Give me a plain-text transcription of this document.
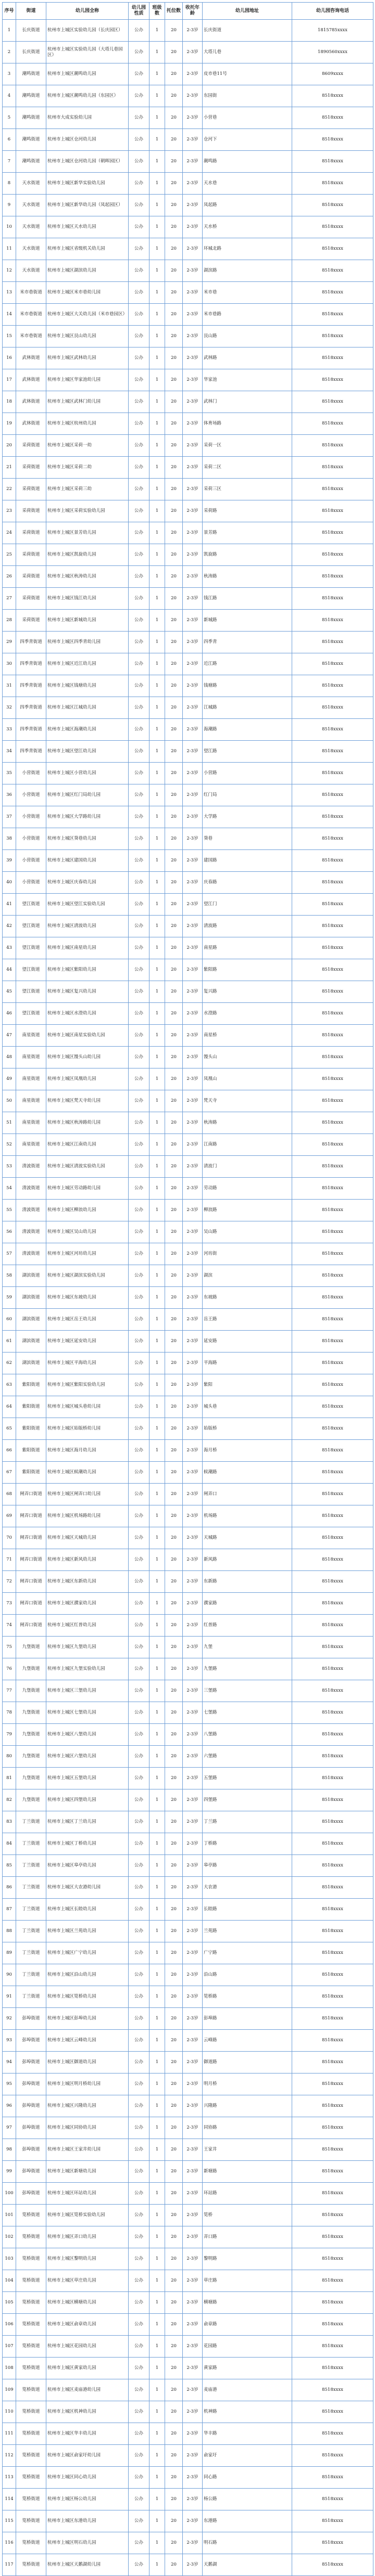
序号	街道	幼儿园全称	幼儿园性质	班级数	托位数	收托年龄	幼儿园地址	幼儿园咨询电话
1	长庆街道	杭州市上城区实验幼儿园（长庆园区）	公办	1	20	2-3岁	长庆街道	1815785xxxx
2	长庆街道	杭州市上城区实验幼儿园（大塔儿巷园区）	公办	1	20	2-3岁	大塔儿巷	1890560xxxx
3	潮鸣街道	杭州市上城区潮鸣幼儿园	公办	1	20	2-3岁	皮市巷11号	8609xxxx
4	潮鸣街道	杭州市上城区潮鸣幼儿园（东园区）	公办	1	20	2-3岁	东园街	8518xxxx
5	潮鸣街道	杭州市大成实验幼儿园	公办	1	20	2-3岁	小营巷	8518xxxx
6	潮鸣街道	杭州市上城区仓河幼儿园	公办	1	20	2-3岁	仓河下	8518xxxx
7	潮鸣街道	杭州市上城区仓河幼儿园（朝晖园区）	公办	1	20	2-3岁	潮鸣路	8518xxxx
8	天水街道	杭州市上城区新华实验幼儿园	公办	1	20	2-3岁	天水巷	8518xxxx
9	天水街道	杭州市上城区新华幼儿园（凤起园区）	公办	1	20	2-3岁	凤起路	8518xxxx
10	天水街道	杭州市上城区天水幼儿园	公办	1	20	2-3岁	天水桥	8518xxxx
11	天水街道	杭州市上城区省级机关幼儿园	公办	1	20	2-3岁	环城北路	8518xxxx
12	天水街道	杭州市上城区湖滨幼儿园	公办	1	20	2-3岁	湖滨路	8518xxxx
13	米市巷街道	杭州市上城区米市巷幼儿园	公办	1	20	2-3岁	米市巷	8518xxxx
14	米市巷街道	杭州市上城区大关幼儿园（米市巷园区）	公办	1	20	2-3岁	米市巷路	8518xxxx
15	米市巷街道	杭州市上城区艮山幼儿园	公办	1	20	2-3岁	艮山路	8518xxxx
16	武林街道	杭州市上城区武林幼儿园	公办	1	20	2-3岁	武林路	8518xxxx
17	武林街道	杭州市上城区华家池幼儿园	公办	1	20	2-3岁	华家池	8518xxxx
18	武林街道	杭州市上城区武林门幼儿园	公办	1	20	2-3岁	武林门	8518xxxx
19	武林街道	杭州市上城区杭州幼儿园	公办	1	20	2-3岁	体育场路	8518xxxx
20	采荷街道	杭州市上城区采荷一幼	公办	1	20	2-3岁	采荷一区	8518xxxx
21	采荷街道	杭州市上城区采荷二幼	公办	1	20	2-3岁	采荷二区	8518xxxx
22	采荷街道	杭州市上城区采荷三幼	公办	1	20	2-3岁	采荷三区	8518xxxx
23	采荷街道	杭州市上城区采荷实验幼儿园	公办	1	20	2-3岁	采荷路	8518xxxx
24	采荷街道	杭州市上城区景芳幼儿园	公办	1	20	2-3岁	景芳路	8518xxxx
25	采荷街道	杭州市上城区凯旋幼儿园	公办	1	20	2-3岁	凯旋路	8518xxxx
26	采荷街道	杭州市上城区秋涛幼儿园	公办	1	20	2-3岁	秋涛路	8518xxxx
27	采荷街道	杭州市上城区钱江幼儿园	公办	1	20	2-3岁	钱江路	8518xxxx
28	采荷街道	杭州市上城区新城幼儿园	公办	1	20	2-3岁	新城路	8518xxxx
29	四季青街道	杭州市上城区四季青幼儿园	公办	1	20	2-3岁	四季青	8518xxxx
30	四季青街道	杭州市上城区近江幼儿园	公办	1	20	2-3岁	近江路	8518xxxx
31	四季青街道	杭州市上城区钱塘幼儿园	公办	1	20	2-3岁	钱塘路	8518xxxx
32	四季青街道	杭州市上城区江城幼儿园	公办	1	20	2-3岁	江城路	8518xxxx
33	四季青街道	杭州市上城区海潮幼儿园	公办	1	20	2-3岁	海潮路	8518xxxx
34	四季青街道	杭州市上城区望江幼儿园	公办	1	20	2-3岁	望江路	8518xxxx
35	小营街道	杭州市上城区小营幼儿园	公办	1	20	2-3岁	小营路	8518xxxx
36	小营街道	杭州市上城区红门局幼儿园	公办	1	20	2-3岁	红门局	8518xxxx
37	小营街道	杭州市上城区大学路幼儿园	公办	1	20	2-3岁	大学路	8518xxxx
38	小营街道	杭州市上城区葵巷幼儿园	公办	1	20	2-3岁	葵巷	8518xxxx
39	小营街道	杭州市上城区建国幼儿园	公办	1	20	2-3岁	建国路	8518xxxx
40	小营街道	杭州市上城区庆春幼儿园	公办	1	20	2-3岁	庆春路	8518xxxx
41	望江街道	杭州市上城区望江实验幼儿园	公办	1	20	2-3岁	望江门	8518xxxx
42	望江街道	杭州市上城区清波幼儿园	公办	1	20	2-3岁	清波路	8518xxxx
43	望江街道	杭州市上城区南星幼儿园	公办	1	20	2-3岁	南星路	8518xxxx
44	望江街道	杭州市上城区紫阳幼儿园	公办	1	20	2-3岁	紫阳路	8518xxxx
45	望江街道	杭州市上城区复兴幼儿园	公办	1	20	2-3岁	复兴路	8518xxxx
46	望江街道	杭州市上城区水澄幼儿园	公办	1	20	2-3岁	水澄路	8518xxxx
47	南星街道	杭州市上城区南星实验幼儿园	公办	1	20	2-3岁	南星桥	8518xxxx
48	南星街道	杭州市上城区馒头山幼儿园	公办	1	20	2-3岁	馒头山	8518xxxx
49	南星街道	杭州市上城区凤凰幼儿园	公办	1	20	2-3岁	凤凰山	8518xxxx
50	南星街道	杭州市上城区梵天寺幼儿园	公办	1	20	2-3岁	梵天寺	8518xxxx
51	南星街道	杭州市上城区秋涛路幼儿园	公办	1	20	2-3岁	秋涛路	8518xxxx
52	南星街道	杭州市上城区江南幼儿园	公办	1	20	2-3岁	江南路	8518xxxx
53	清波街道	杭州市上城区清波实验幼儿园	公办	1	20	2-3岁	清波门	8518xxxx
54	清波街道	杭州市上城区劳动路幼儿园	公办	1	20	2-3岁	劳动路	8518xxxx
55	清波街道	杭州市上城区柳浪幼儿园	公办	1	20	2-3岁	柳浪路	8518xxxx
56	清波街道	杭州市上城区吴山幼儿园	公办	1	20	2-3岁	吴山路	8518xxxx
57	清波街道	杭州市上城区河坊幼儿园	公办	1	20	2-3岁	河坊街	8518xxxx
58	湖滨街道	杭州市上城区湖滨实验幼儿园	公办	1	20	2-3岁	湖滨	8518xxxx
59	湖滨街道	杭州市上城区东坡幼儿园	公办	1	20	2-3岁	东坡路	8518xxxx
60	湖滨街道	杭州市上城区岳王幼儿园	公办	1	20	2-3岁	岳王路	8518xxxx
61	湖滨街道	杭州市上城区延安幼儿园	公办	1	20	2-3岁	延安路	8518xxxx
62	湖滨街道	杭州市上城区平海幼儿园	公办	1	20	2-3岁	平海路	8518xxxx
63	紫阳街道	杭州市上城区紫阳实验幼儿园	公办	1	20	2-3岁	紫阳	8518xxxx
64	紫阳街道	杭州市上城区城头巷幼儿园	公办	1	20	2-3岁	城头巷	8518xxxx
65	紫阳街道	杭州市上城区始版桥幼儿园	公办	1	20	2-3岁	始版桥	8518xxxx
66	紫阳街道	杭州市上城区海月幼儿园	公办	1	20	2-3岁	海月桥	8518xxxx
67	紫阳街道	杭州市上城区候潮幼儿园	公办	1	20	2-3岁	候潮路	8518xxxx
68	闸弄口街道	杭州市上城区闸弄口幼儿园	公办	1	20	2-3岁	闸弄口	8518xxxx
69	闸弄口街道	杭州市上城区机场路幼儿园	公办	1	20	2-3岁	机场路	8518xxxx
70	闸弄口街道	杭州市上城区天城幼儿园	公办	1	20	2-3岁	天城路	8518xxxx
71	闸弄口街道	杭州市上城区新风幼儿园	公办	1	20	2-3岁	新风路	8518xxxx
72	闸弄口街道	杭州市上城区东新幼儿园	公办	1	20	2-3岁	东新路	8518xxxx
73	闸弄口街道	杭州市上城区濮家幼儿园	公办	1	20	2-3岁	濮家路	8518xxxx
74	闸弄口街道	杭州市上城区红普幼儿园	公办	1	20	2-3岁	红普路	8518xxxx
75	九堡街道	杭州市上城区九堡幼儿园	公办	1	20	2-3岁	九堡	8518xxxx
76	九堡街道	杭州市上城区九堡实验幼儿园	公办	1	20	2-3岁	九堡路	8518xxxx
77	九堡街道	杭州市上城区三堡幼儿园	公办	1	20	2-3岁	三堡路	8518xxxx
78	九堡街道	杭州市上城区七堡幼儿园	公办	1	20	2-3岁	七堡路	8518xxxx
79	九堡街道	杭州市上城区八堡幼儿园	公办	1	20	2-3岁	八堡路	8518xxxx
80	九堡街道	杭州市上城区六堡幼儿园	公办	1	20	2-3岁	六堡路	8518xxxx
81	九堡街道	杭州市上城区五堡幼儿园	公办	1	20	2-3岁	五堡路	8518xxxx
82	九堡街道	杭州市上城区四堡幼儿园	公办	1	20	2-3岁	四堡路	8518xxxx
83	丁兰街道	杭州市上城区丁兰幼儿园	公办	1	20	2-3岁	丁兰路	8518xxxx
84	丁兰街道	杭州市上城区丁桥幼儿园	公办	1	20	2-3岁	丁桥路	8518xxxx
85	丁兰街道	杭州市上城区皋亭幼儿园	公办	1	20	2-3岁	皋亭路	8518xxxx
86	丁兰街道	杭州市上城区大农港幼儿园	公办	1	20	2-3岁	大农港	8518xxxx
87	丁兰街道	杭州市上城区长睦幼儿园	公办	1	20	2-3岁	长睦路	8518xxxx
88	丁兰街道	杭州市上城区兰苑幼儿园	公办	1	20	2-3岁	兰苑路	8518xxxx
89	丁兰街道	杭州市上城区广宁幼儿园	公办	1	20	2-3岁	广宁路	8518xxxx
90	丁兰街道	杭州市上城区沿山幼儿园	公办	1	20	2-3岁	沿山路	8518xxxx
91	丁兰街道	杭州市上城区笕桥幼儿园	公办	1	20	2-3岁	笕桥路	8518xxxx
92	彭埠街道	杭州市上城区彭埠幼儿园	公办	1	20	2-3岁	彭埠路	8518xxxx
93	彭埠街道	杭州市上城区云峰幼儿园	公办	1	20	2-3岁	云峰路	8518xxxx
94	彭埠街道	杭州市上城区御道幼儿园	公办	1	20	2-3岁	御道路	8518xxxx
95	彭埠街道	杭州市上城区明月桥幼儿园	公办	1	20	2-3岁	明月桥	8518xxxx
96	彭埠街道	杭州市上城区兴隆幼儿园	公办	1	20	2-3岁	兴隆路	8518xxxx
97	彭埠街道	杭州市上城区同协幼儿园	公办	1	20	2-3岁	同协路	8518xxxx
98	彭埠街道	杭州市上城区王家井幼儿园	公办	1	20	2-3岁	王家井	8518xxxx
99	彭埠街道	杭州市上城区新塘幼儿园	公办	1	20	2-3岁	新塘路	8518xxxx
100	彭埠街道	杭州市上城区环站幼儿园	公办	1	20	2-3岁	环站路	8518xxxx
101	笕桥街道	杭州市上城区笕桥实验幼儿园	公办	1	20	2-3岁	笕桥	8518xxxx
102	笕桥街道	杭州市上城区弄口幼儿园	公办	1	20	2-3岁	弄口路	8518xxxx
103	笕桥街道	杭州市上城区黎明幼儿园	公办	1	20	2-3岁	黎明路	8518xxxx
104	笕桥街道	杭州市上城区草庄幼儿园	公办	1	20	2-3岁	草庄路	8518xxxx
105	笕桥街道	杭州市上城区横塘幼儿园	公办	1	20	2-3岁	横塘路	8518xxxx
106	笕桥街道	杭州市上城区俞章幼儿园	公办	1	20	2-3岁	俞章路	8518xxxx
107	笕桥街道	杭州市上城区花园幼儿园	公办	1	20	2-3岁	花园路	8518xxxx
108	笕桥街道	杭州市上城区黄家幼儿园	公办	1	20	2-3岁	黄家路	8518xxxx
109	笕桥街道	杭州市上城区麦庙港幼儿园	公办	1	20	2-3岁	麦庙港	8518xxxx
110	笕桥街道	杭州市上城区机神幼儿园	公办	1	20	2-3岁	机神路	8518xxxx
111	笕桥街道	杭州市上城区华丰幼儿园	公办	1	20	2-3岁	华丰路	8518xxxx
112	笕桥街道	杭州市上城区俞家圩幼儿园	公办	1	20	2-3岁	俞家圩	8518xxxx
113	笕桥街道	杭州市上城区同心幼儿园	公办	1	20	2-3岁	同心路	8518xxxx
114	笕桥街道	杭州市上城区杨公幼儿园	公办	1	20	2-3岁	杨公路	8518xxxx
115	笕桥街道	杭州市上城区东港幼儿园	公办	1	20	2-3岁	东港路	8518xxxx
116	笕桥街道	杭州市上城区明石幼儿园	公办	1	20	2-3岁	明石路	8518xxxx
117	笕桥街道	杭州市上城区天鹅湖幼儿园	公办	1	20	2-3岁	天鹅湖	8518xxxx
